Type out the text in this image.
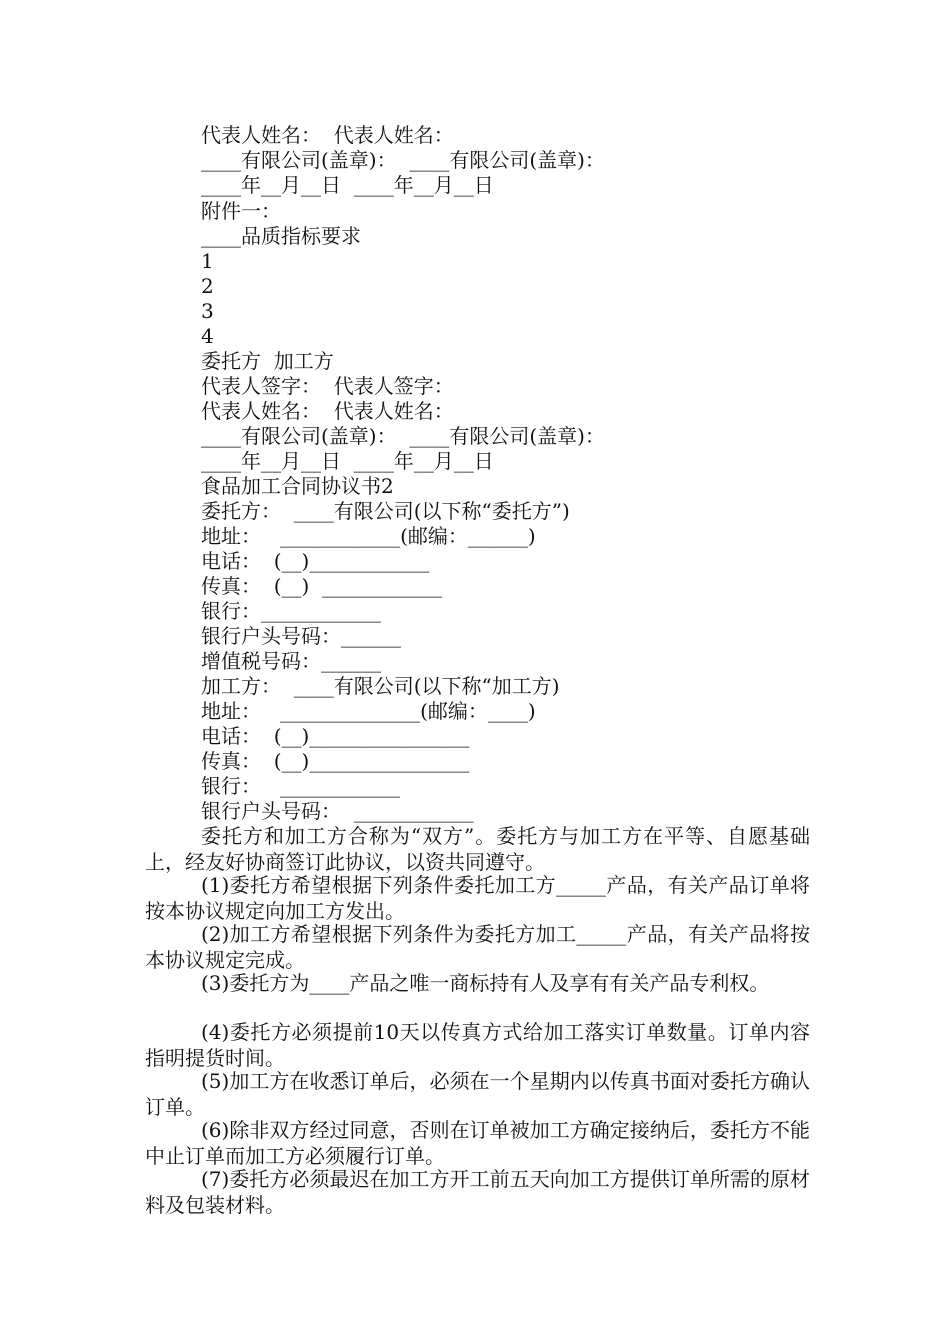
代表人姓名：  代表人姓名：

____有限公司(盖章)：  ____有限公司(盖章)：

____年__月__日  ____年__月__日

附件一：

____品质指标要求

1

2

3

4

委托方  加工方

代表人签字：  代表人签字：

代表人姓名：  代表人姓名：

____有限公司(盖章)：  ____有限公司(盖章)：

____年__月__日  ____年__月__日

食品加工合同协议书2

委托方：  ____有限公司(以下称“委托方”)

地址：   ____________(邮编：______)

电话：  (__)____________

传真：  (__)  ____________

银行：____________

银行户头号码：______

增值税号码：______

加工方：  ____有限公司(以下称“加工方)

地址：   ______________(邮编：____)

电话：  (__)________________

传真：  (__)________________

银行：   ____________

银行户头号码：  ____________

委托方和加工方合称为“双方”。委托方与加工方在平等、自愿基础上，经友好协商签订此协议，以资共同遵守。

(1)委托方希望根据下列条件委托加工方_____产品，有关产品订单将按本协议规定向加工方发出。

(2)加工方希望根据下列条件为委托方加工_____产品，有关产品将按本协议规定完成。

(3)委托方为____产品之唯一商标持有人及享有有关产品专利权。

(4)委托方必须提前10天以传真方式给加工落实订单数量。订单内容指明提货时间。

(5)加工方在收悉订单后，必须在一个星期内以传真书面对委托方确认订单。

(6)除非双方经过同意，否则在订单被加工方确定接纳后，委托方不能中止订单而加工方必须履行订单。

(7)委托方必须最迟在加工方开工前五天向加工方提供订单所需的原材料及包装材料。
